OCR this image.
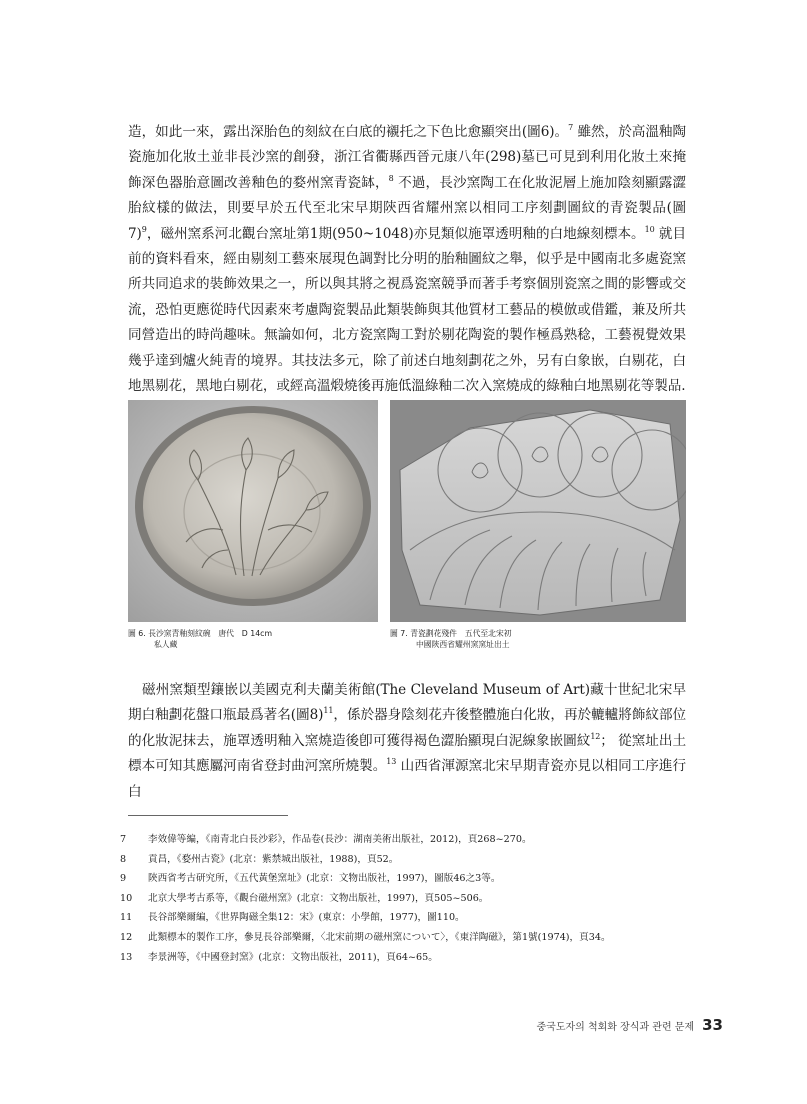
造，如此一來，露出深胎色的刻紋在白底的襯托之下色比愈顯突出(圖6)。$^7$ 雖然，於高溫釉陶瓷施加化妝土並非長沙窯的創發，浙江省衢縣西晉元康八年(298)墓已可見到利用化妝土來掩飾深色器胎意圖改善釉色的婺州窯青瓷缽，$^8$ 不過，長沙窯陶工在化妝泥層上施加陰刻顯露澀胎紋樣的做法，則要早於五代至北宋早期陝西省耀州窯以相同工序刻劃圖紋的青瓷製品(圖7)$^9$，磁州窯系河北觀台窯址第1期(950~1048)亦見類似施罩透明釉的白地線刻標本。$^{10}$ 就目前的資料看來，經由剔刻工藝來展現色調對比分明的胎釉圖紋之舉，似乎是中國南北多處瓷窯所共同追求的裝飾效果之一，所以與其將之視爲瓷窯競爭而著手考察個別瓷窯之間的影響或交流，恐怕更應從時代因素來考慮陶瓷製品此類裝飾與其他質材工藝品的模倣或借鑑，兼及所共同營造出的時尚趣味。無論如何，北方瓷窯陶工對於剔花陶瓷的製作極爲熟稔，工藝視覺效果幾乎達到爐火純青的境界。其技法多元，除了前述白地刻劃花之外，另有白象嵌，白剔花，白地黑剔花，黑地白剔花，或經高溫煅燒後再施低溫綠釉二次入窯燒成的綠釉白地黑剔花等製品.
圖 6. 長沙窯青釉刻紋碗　唐代　D 14cm
私人藏
圖 7. 青瓷劃花殘件　五代至北宋初
中國陝西省耀州窯窯址出土
磁州窯類型鑲嵌以美國克利夫蘭美術館(The Cleveland Museum of Art)藏十世紀北宋早期白釉劃花盤口瓶最爲著名(圖8)$^{11}$，係於器身陰刻花卉後整體施白化妝，再於轆轤將飾紋部位的化妝泥抹去，施罩透明釉入窯燒造後卽可獲得褐色澀胎顯現白泥線象嵌圖紋$^{12}$； 從窯址出土標本可知其應屬河南省登封曲河窯所燒製。$^{13}$ 山西省渾源窯北宋早期青瓷亦見以相同工序進行白
7	李效偉等編，《南青北白長沙彩》，作品卷(長沙：湖南美術出版社，2012)，頁268~270。
8	貢昌，《婺州古瓷》(北京：紫禁城出版社，1988)，頁52。
9	陝西省考古研究所，《五代黃堡窯址》(北京：文物出版社，1997)，圖版46之3等。
10	北京大學考古系等，《觀台磁州窯》(北京：文物出版社，1997)，頁505~506。
11	長谷部樂爾編，《世界陶磁全集12：宋》(東京：小學館，1977)，圖110。
12	此類標本的製作工序，參見長谷部樂爾，〈北宋前期の磁州窯について〉，《東洋陶磁》，第1號(1974)，頁34。
13	李景洲等，《中國登封窯》(北京：文物出版社，2011)，頁64~65。
중국도자의 척회화 장식과 관련 문제 33
